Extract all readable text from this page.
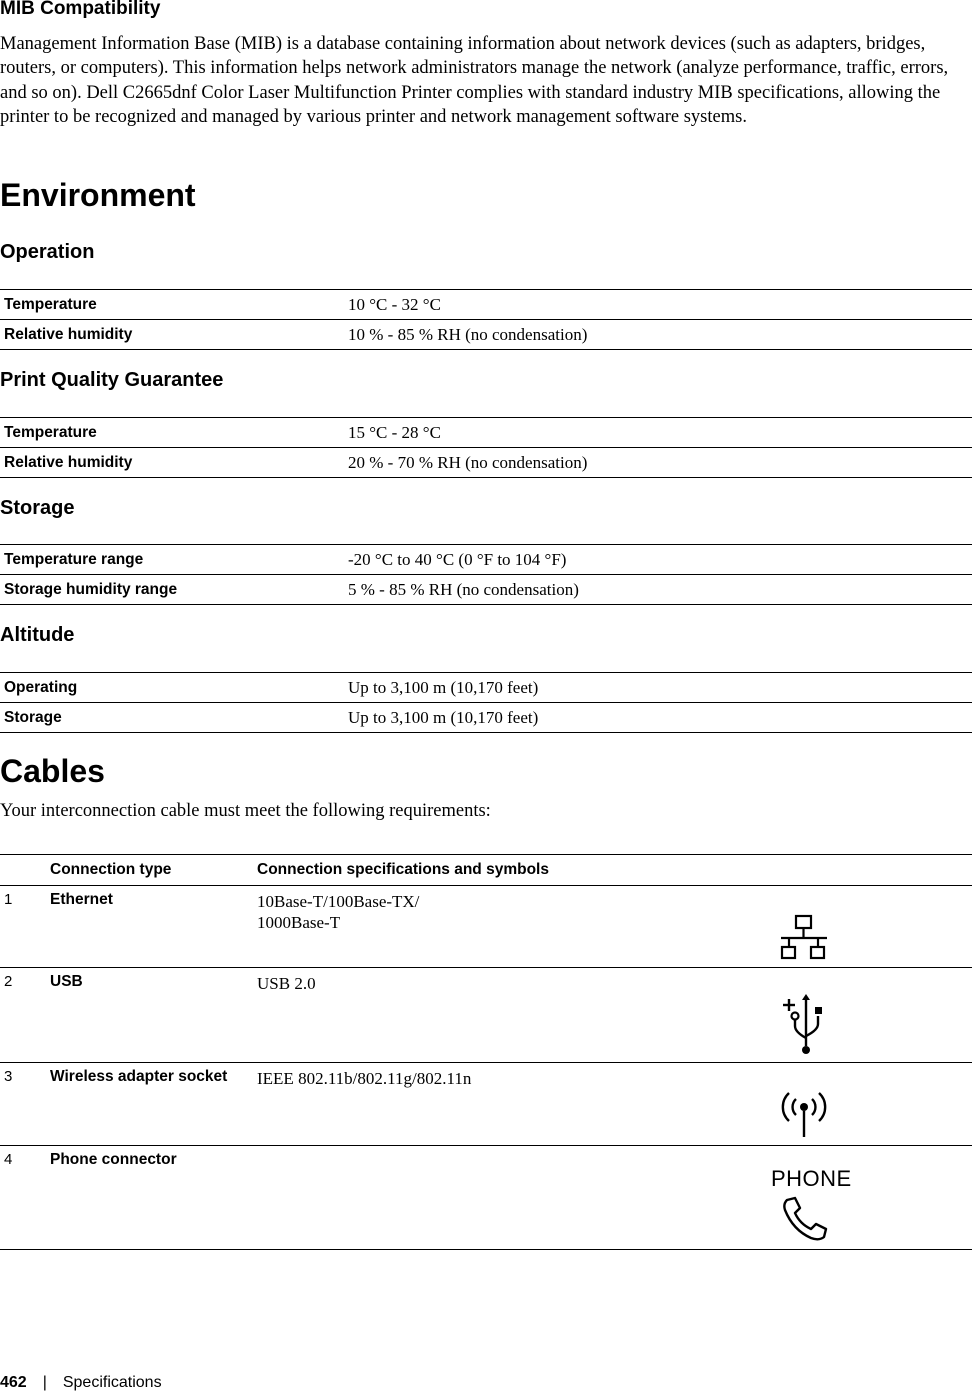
MIB Compatibility

Management Information Base (MIB) is a database containing information about network devices (such as adapters, bridges, routers, or computers). This information helps network administrators manage the network (analyze performance, traffic, errors, and so on). Dell C2665dnf Color Laser Multifunction Printer complies with standard industry MIB specifications, allowing the printer to be recognized and managed by various printer and network management software systems.

Environment
Operation
Temperature	10 °C - 32 °C
Relative humidity	10 % - 85 % RH (no condensation)
Print Quality Guarantee
Temperature	15 °C - 28 °C
Relative humidity	20 % - 70 % RH (no condensation)
Storage
Temperature range	-20 °C to 40 °C (0 °F to 104 °F)
Storage humidity range	5 % - 85 % RH (no condensation)
Altitude
Operating	Up to 3,100 m (10,170 feet)
Storage	Up to 3,100 m (10,170 feet)
Cables

Your interconnection cable must meet the following requirements:

	Connection type	Connection specifications and symbols	
1	Ethernet	10Base-T/100Base-TX/
1000Base-T	

2	USB	USB 2.0	

3	Wireless adapter socket	IEEE 802.11b/802.11g/802.11n	

4	Phone connector		PHONE
462 | Specifications
